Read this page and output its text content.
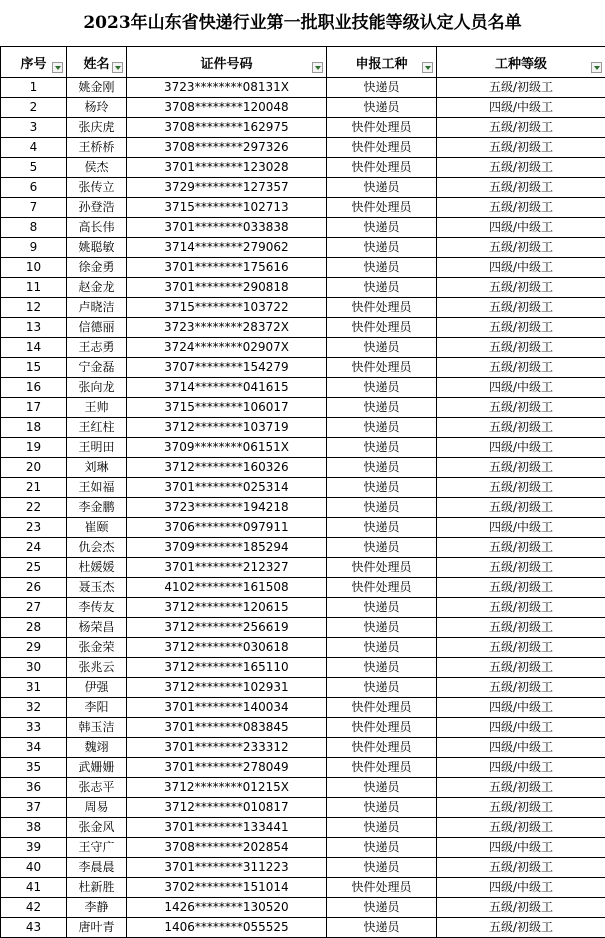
2023年山东省快递行业第一批职业技能等级认定人员名单
序号	姓名	证件号码	申报工种	工种等级

1	姚金刚	3723********08131X	快递员	五级/初级工
2	杨玲	3708********120048	快递员	四级/中级工
3	张庆虎	3708********162975	快件处理员	五级/初级工
4	王桥桥	3708********297326	快件处理员	五级/初级工
5	侯杰	3701********123028	快件处理员	五级/初级工
6	张传立	3729********127357	快递员	五级/初级工
7	孙登浩	3715********102713	快件处理员	五级/初级工
8	高长伟	3701********033838	快递员	四级/中级工
9	姚聪敏	3714********279062	快递员	五级/初级工
10	徐金勇	3701********175616	快递员	四级/中级工
11	赵金龙	3701********290818	快递员	五级/初级工
12	卢晓洁	3715********103722	快件处理员	五级/初级工
13	信德丽	3723********28372X	快件处理员	五级/初级工
14	王志勇	3724********02907X	快递员	五级/初级工
15	宁金磊	3707********154279	快件处理员	五级/初级工
16	张向龙	3714********041615	快递员	四级/中级工
17	王帅	3715********106017	快递员	五级/初级工
18	王红柱	3712********103719	快递员	五级/初级工
19	王明田	3709********06151X	快递员	四级/中级工
20	刘琳	3712********160326	快递员	五级/初级工
21	王如福	3701********025314	快递员	五级/初级工
22	李金鹏	3723********194218	快递员	五级/初级工
23	崔颐	3706********097911	快递员	四级/中级工
24	仇会杰	3709********185294	快递员	五级/初级工
25	杜媛媛	3701********212327	快件处理员	五级/初级工
26	聂玉杰	4102********161508	快件处理员	五级/初级工
27	李传友	3712********120615	快递员	五级/初级工
28	杨荣昌	3712********256619	快递员	五级/初级工
29	张金荣	3712********030618	快递员	五级/初级工
30	张兆云	3712********165110	快递员	五级/初级工
31	伊强	3712********102931	快递员	五级/初级工
32	李阳	3701********140034	快件处理员	四级/中级工
33	韩玉洁	3701********083845	快件处理员	四级/中级工
34	魏翊	3701********233312	快件处理员	四级/中级工
35	武姗姗	3701********278049	快件处理员	四级/中级工
36	张志平	3712********01215X	快递员	五级/初级工
37	周易	3712********010817	快递员	五级/初级工
38	张金风	3701********133441	快递员	五级/初级工
39	王守广	3708********202854	快递员	四级/中级工
40	李晨晨	3701********311223	快递员	五级/初级工
41	杜新胜	3702********151014	快件处理员	四级/中级工
42	李静	1426********130520	快递员	五级/初级工
43	唐叶青	1406********055525	快递员	五级/初级工
